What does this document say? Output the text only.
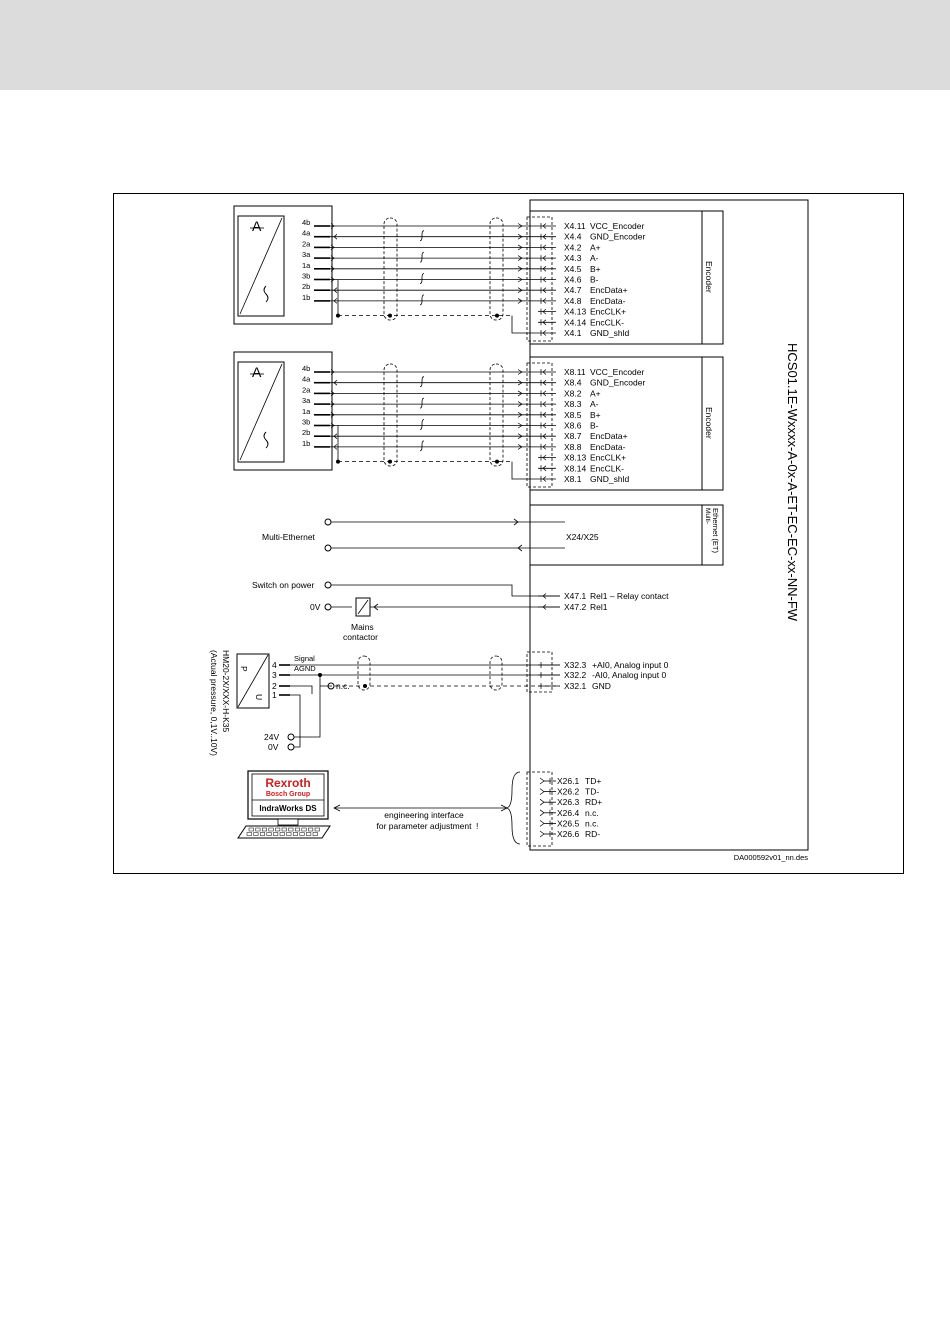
HCS01.1E-Wxxxx-A-0x-A-ET-EC-EC-xx-NN-FW
DA000592v01_nn.des
A
Encoder
X4.11 VCC_Encoder
X4.4 GND_Encoder
X4.2 A+
X4.3 A-
X4.5 B+
X4.6 B-
X4.7 EncData+
X4.8 EncData-
X4.13 EncCLK+
X4.14 EncCLK-
X4.1 GND_shld
4b
4a
2a
3a
1a
3b
2b
1b
A
Encoder
X8.11 VCC_Encoder
X8.4 GND_Encoder
X8.2 A+
X8.3 A-
X8.5 B+
X8.6 B-
X8.7 EncData+
X8.8 EncData-
X8.13 EncCLK+
X8.14 EncCLK-
X8.1 GND_shld
4b
4a
2a
3a
1a
3b
2b
1b
Multi- Ethernet (ET)
Multi-Ethernet	X24/X25
Switch on power
0V
Mains
contactor
X47.1 Rel1 – Relay contact
X47.2 Rel1
P
U
HM20-2X/XXX-H-K35
(Actual pressure, 0,1V..10V)	4
3
2
1
Signal
AGND
n.c.
24V
0V
X32.3 +AI0, Analog input 0
X32.2 -AI0, Analog input 0
X32.1 GND
Rexroth
Bosch Group
IndraWorks DS
engineering interface
for parameter adjustment !
X26.1 TD+
X26.2 TD-
X26.3 RD+
X26.4 n.c.
X26.5 n.c.
X26.6 RD-
